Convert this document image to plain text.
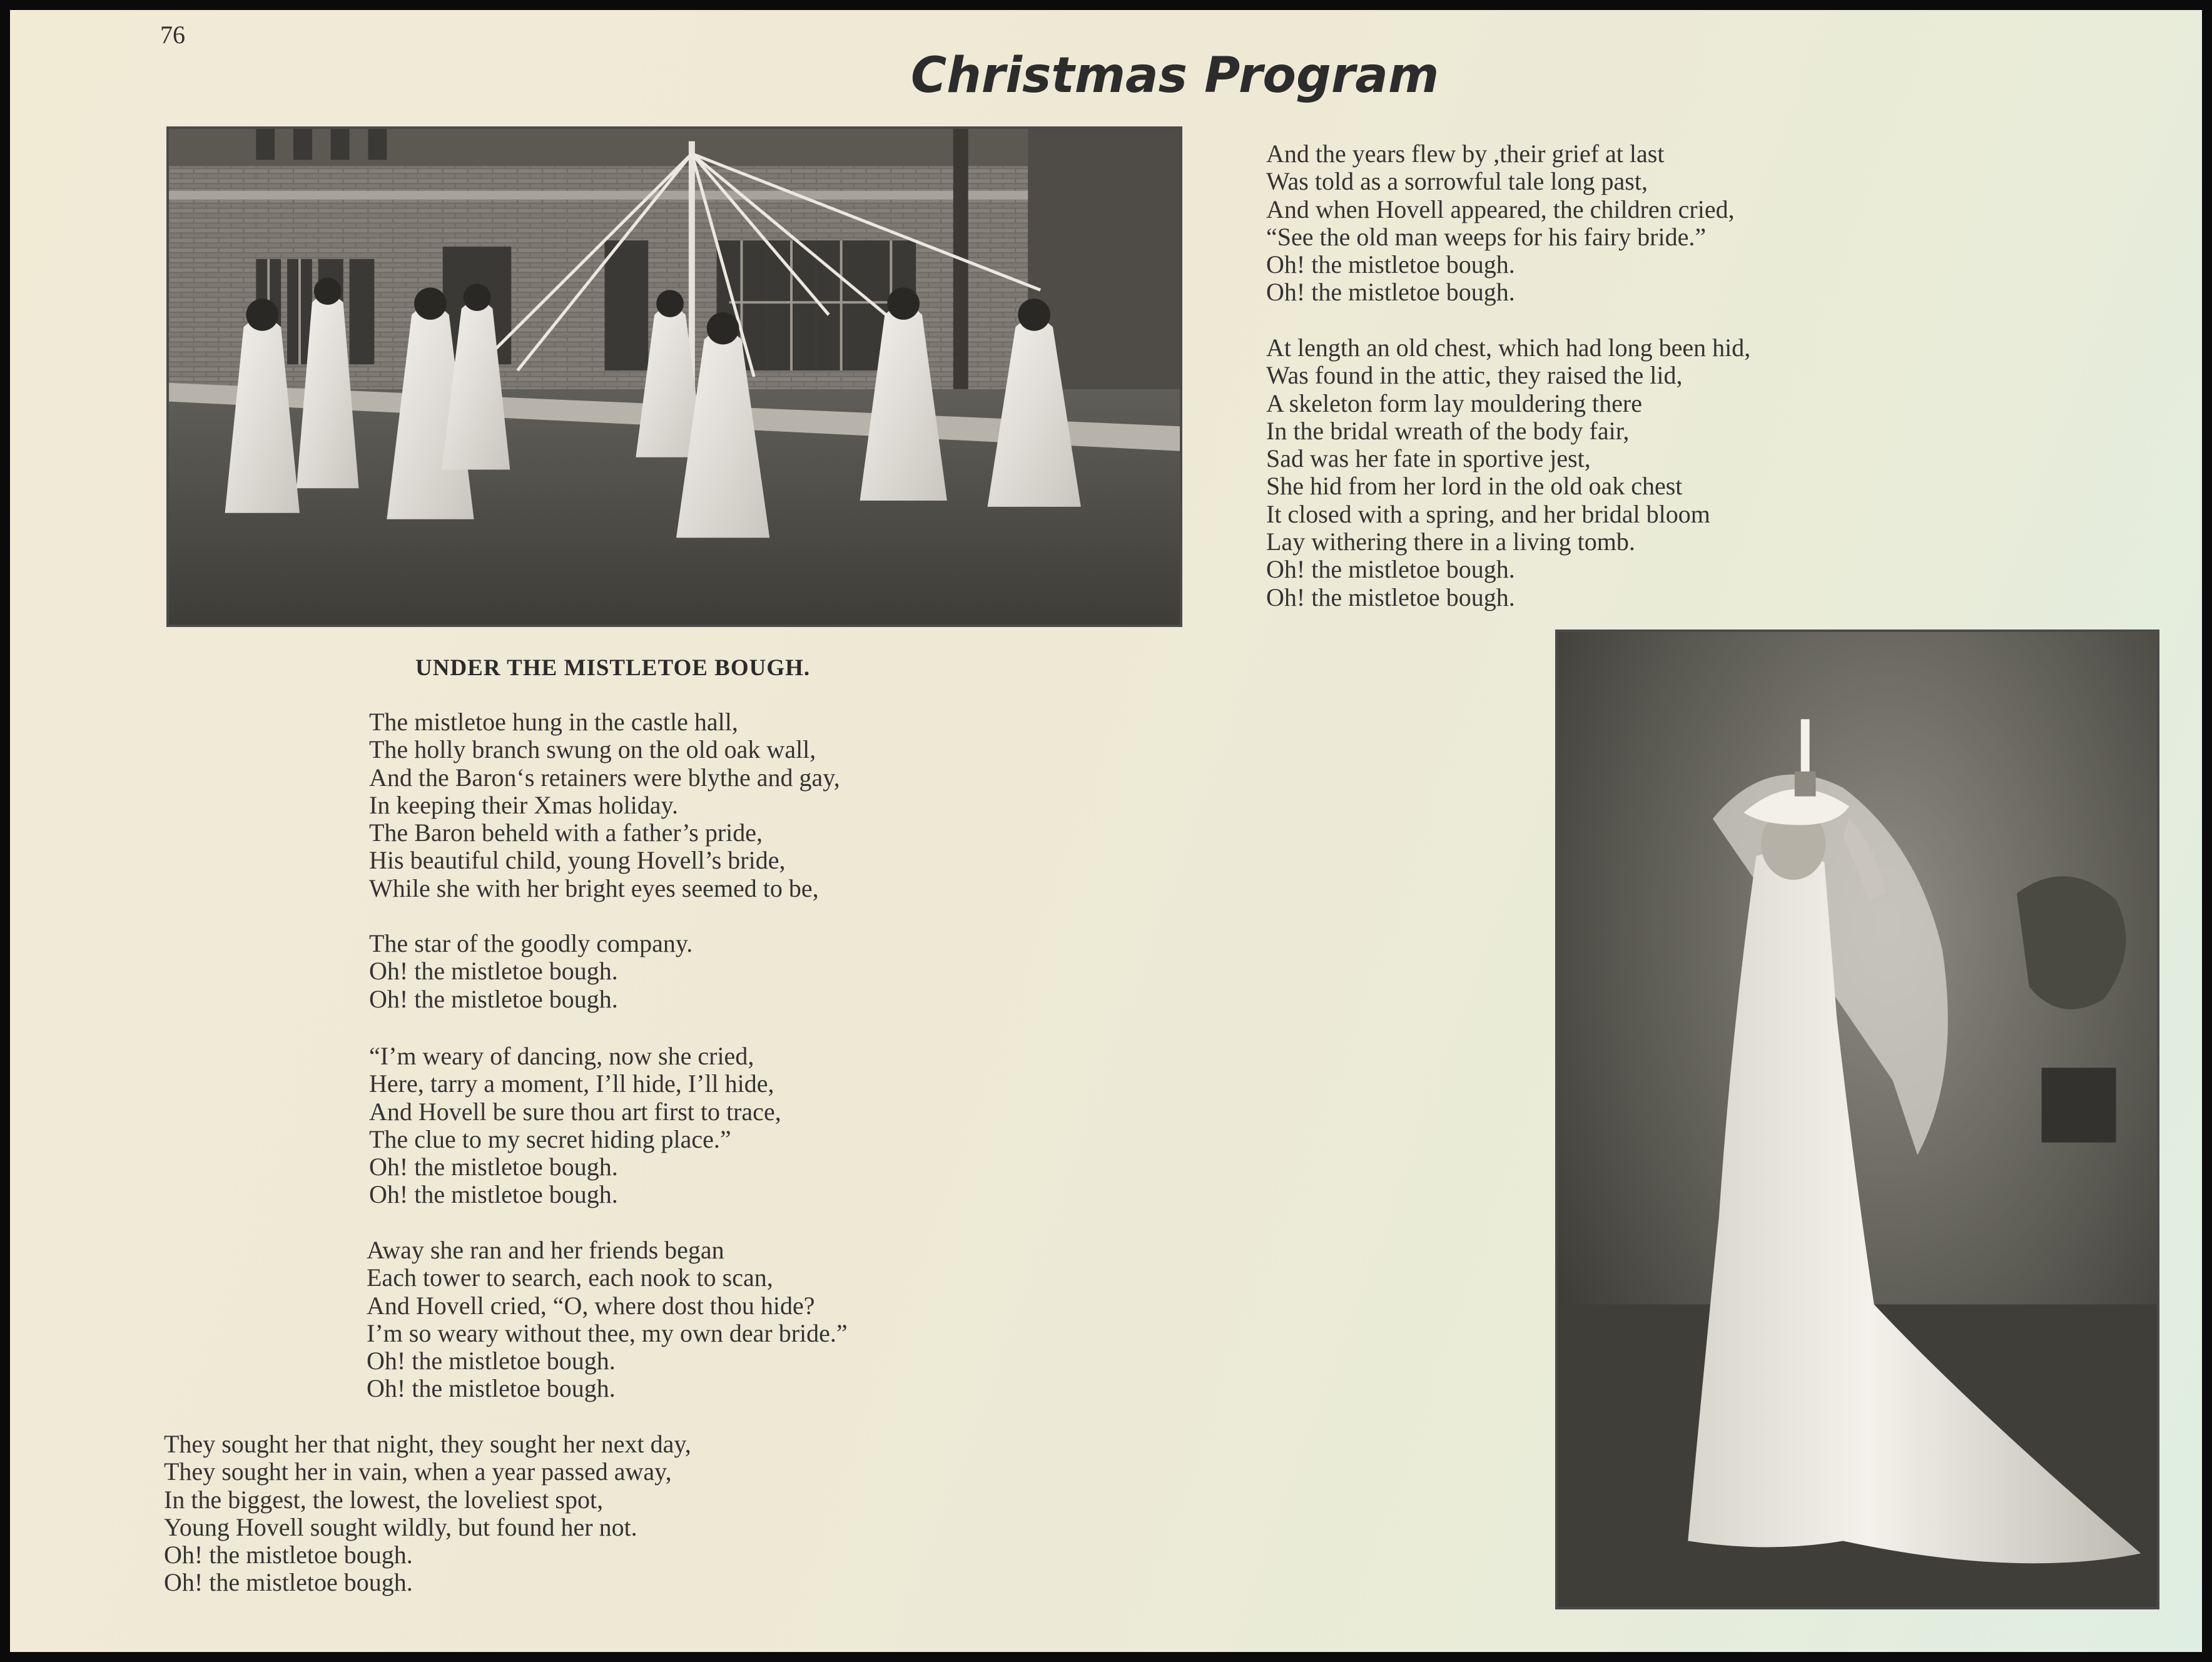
76
Christmas Program
UNDER THE MISTLETOE BOUGH.
The mistletoe hung in the castle hall,
The holly branch swung on the old oak wall,
And the Baron‘s retainers were blythe and gay,
In keeping their Xmas holiday.
The Baron beheld with a father’s pride,
His beautiful child, young Hovell’s bride,
While she with her bright eyes seemed to be,
The star of the goodly company.
Oh! the mistletoe bough.
Oh! the mistletoe bough.
“I’m weary of dancing, now she cried,
Here, tarry a moment, I’ll hide, I’ll hide,
And Hovell be sure thou art first to trace,
The clue to my secret hiding place.”
Oh! the mistletoe bough.
Oh! the mistletoe bough.
Away she ran and her friends began
Each tower to search, each nook to scan,
And Hovell cried, “O, where dost thou hide?
I’m so weary without thee, my own dear bride.”
Oh! the mistletoe bough.
Oh! the mistletoe bough.
They sought her that night, they sought her next day,
They sought her in vain, when a year passed away,
In the biggest, the lowest, the loveliest spot,
Young Hovell sought wildly, but found her not.
Oh! the mistletoe bough.
Oh! the mistletoe bough.
And the years flew by ,their grief at last
Was told as a sorrowful tale long past,
And when Hovell appeared, the children cried,
“See the old man weeps for his fairy bride.”
Oh! the mistletoe bough.
Oh! the mistletoe bough.
At length an old chest, which had long been hid,
Was found in the attic, they raised the lid,
A skeleton form lay mouldering there
In the bridal wreath of the body fair,
Sad was her fate in sportive jest,
She hid from her lord in the old oak chest
It closed with a spring, and her bridal bloom
Lay withering there in a living tomb.
Oh! the mistletoe bough.
Oh! the mistletoe bough.
